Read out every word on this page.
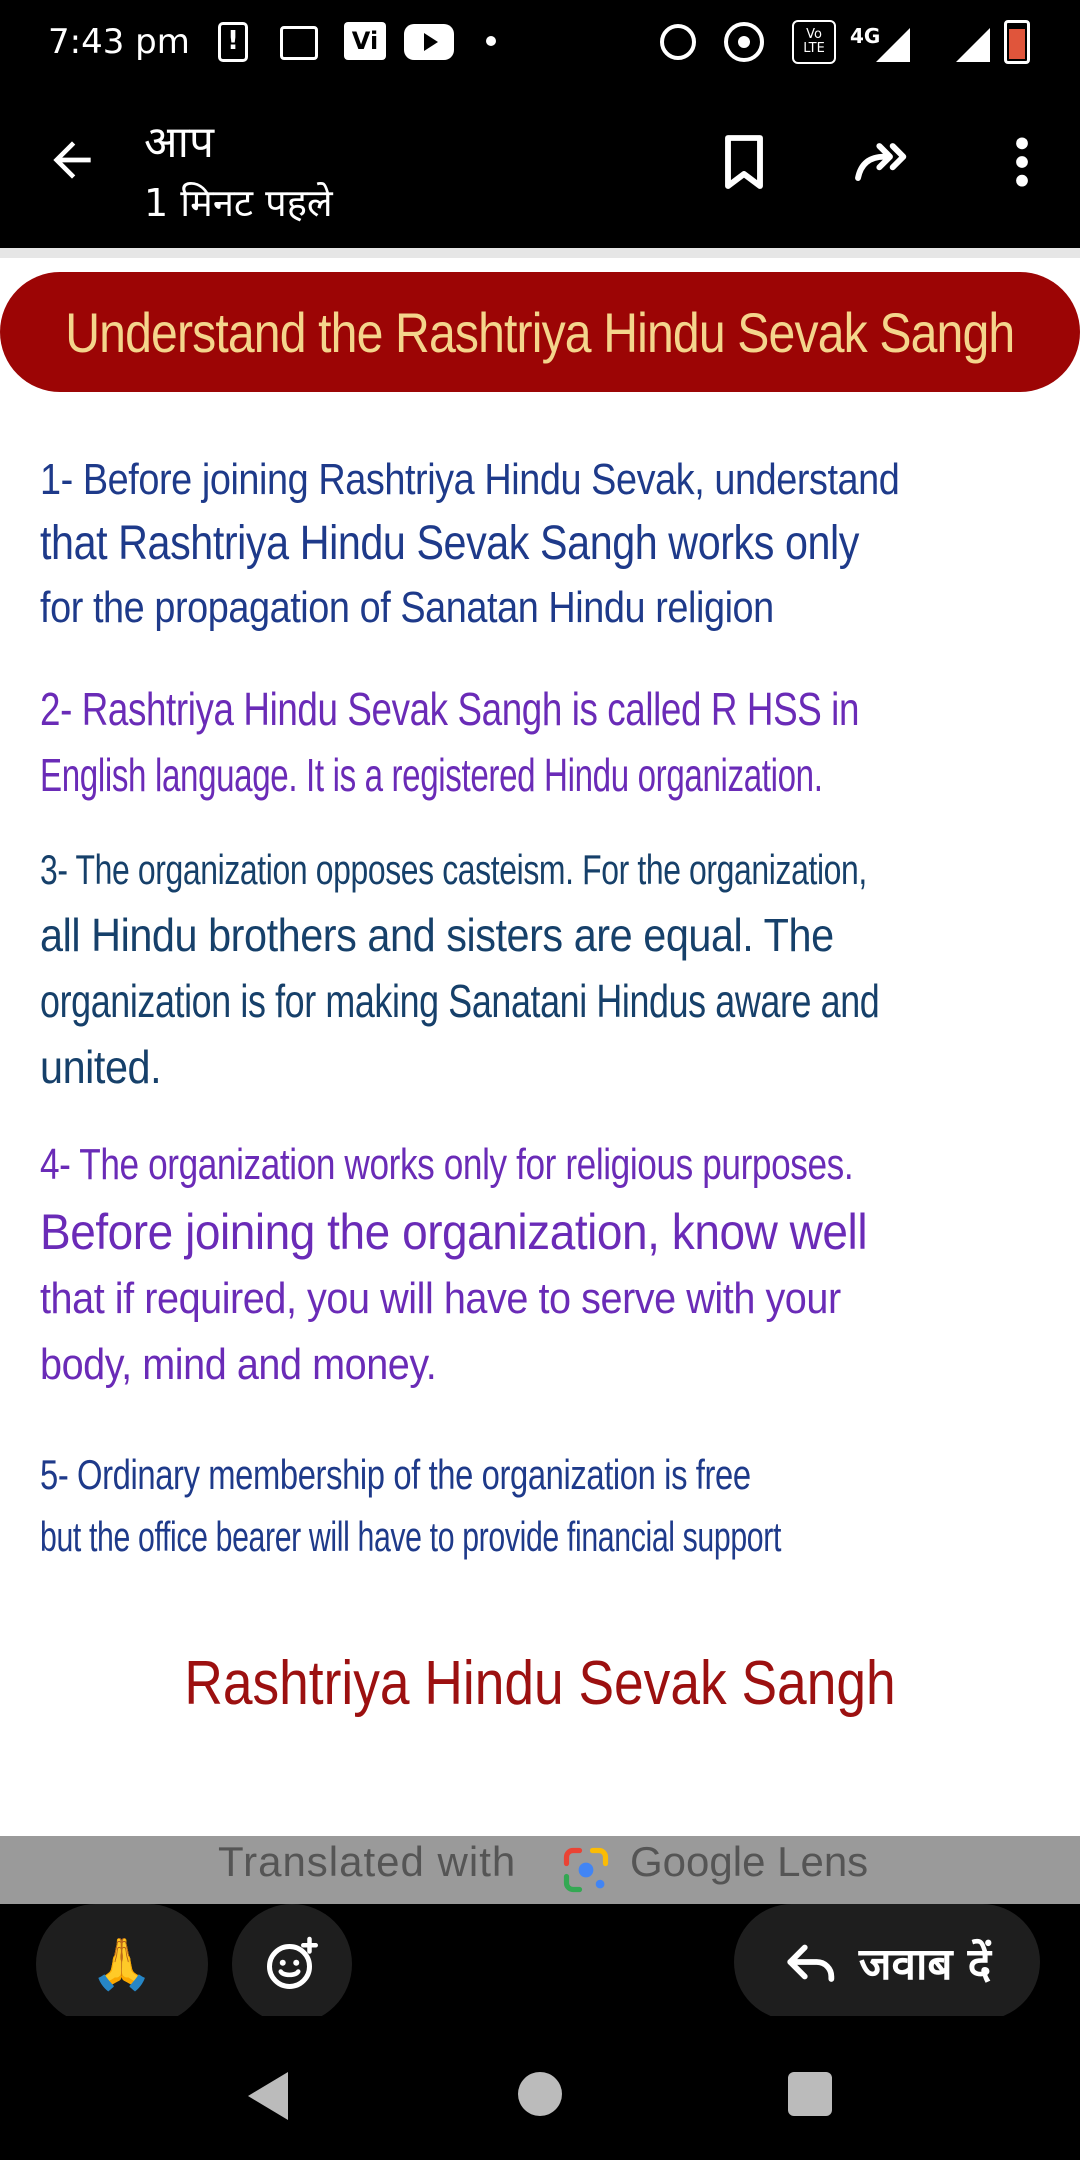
7:43 pm	!	Vi	Vo LTE
4G
आप
1 मिनट पहले
Understand the Rashtriya Hindu Sevak Sangh
1- Before joining Rashtriya Hindu Sevak, understand
that Rashtriya Hindu Sevak Sangh works only
for the propagation of Sanatan Hindu religion
2- Rashtriya Hindu Sevak Sangh is called R HSS in
English language. It is a registered Hindu organization.
3- The organization opposes casteism. For the organization,
all Hindu brothers and sisters are equal. The
organization is for making Sanatani Hindus aware and
united.
4- The organization works only for religious purposes.
Before joining the organization, know well
that if required, you will have to serve with your
body, mind and money.
5- Ordinary membership of the organization is free
but the office bearer will have to provide financial support
Rashtriya Hindu Sevak Sangh
Translated with	Google Lens
🙏	जवाब दें
